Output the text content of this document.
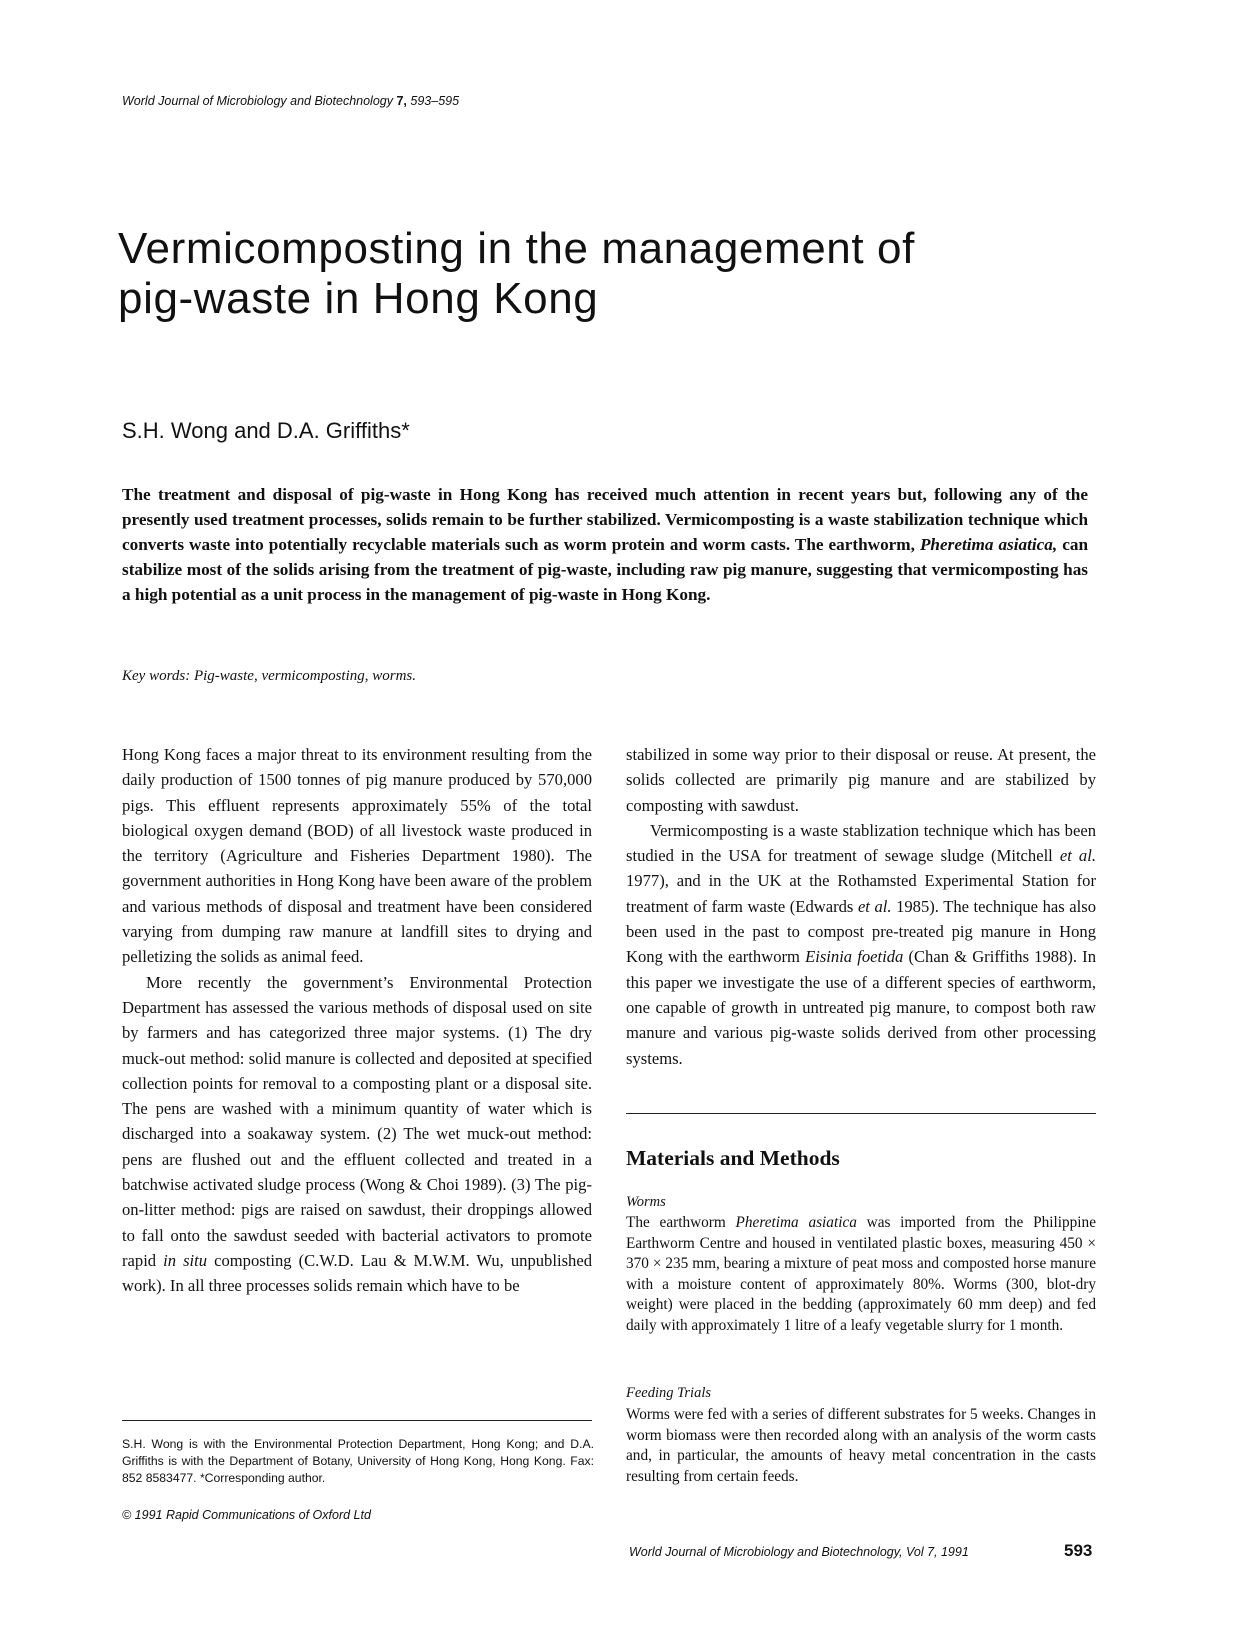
World Journal of Microbiology and Biotechnology 7, 593–595
Vermicomposting in the management of
pig-waste in Hong Kong
S.H. Wong and D.A. Griffiths*

The treatment and disposal of pig-waste in Hong Kong has received much attention in recent years but, following any of the presently used treatment processes, solids remain to be further stabilized. Vermicomposting is a waste stabilization technique which converts waste into potentially recyclable materials such as worm protein and worm casts. The earthworm, Pheretima asiatica, can stabilize most of the solids arising from the treatment of pig-waste, including raw pig manure, suggesting that vermicomposting has a high potential as a unit process in the management of pig-waste in Hong Kong.

Key words: Pig-waste, vermicomposting, worms.

Hong Kong faces a major threat to its environment resulting from the daily production of 1500 tonnes of pig manure produced by 570,000 pigs. This effluent represents approximately 55% of the total biological oxygen demand (BOD) of all livestock waste produced in the territory (Agriculture and Fisheries Department 1980). The government authorities in Hong Kong have been aware of the problem and various methods of disposal and treatment have been considered varying from dumping raw manure at landfill sites to drying and pelletizing the solids as animal feed.

More recently the government’s Environmental Protection Department has assessed the various methods of disposal used on site by farmers and has categorized three major systems. (1) The dry muck-out method: solid manure is collected and deposited at specified collection points for removal to a composting plant or a disposal site. The pens are washed with a minimum quantity of water which is discharged into a soakaway system. (2) The wet muck-out method: pens are flushed out and the effluent collected and treated in a batchwise activated sludge process (Wong & Choi 1989). (3) The pig-on-litter method: pigs are raised on sawdust, their droppings allowed to fall onto the sawdust seeded with bacterial activators to promote rapid in situ composting (C.W.D. Lau & M.W.M. Wu, unpublished work). In all three processes solids remain which have to be

stabilized in some way prior to their disposal or reuse. At present, the solids collected are primarily pig manure and are stabilized by composting with sawdust.

Vermicomposting is a waste stablization technique which has been studied in the USA for treatment of sewage sludge (Mitchell et al. 1977), and in the UK at the Rothamsted Experimental Station for treatment of farm waste (Edwards et al. 1985). The technique has also been used in the past to compost pre-treated pig manure in Hong Kong with the earthworm Eisinia foetida (Chan & Griffiths 1988). In this paper we investigate the use of a different species of earthworm, one capable of growth in untreated pig manure, to compost both raw manure and various pig-waste solids derived from other processing systems.

Materials and Methods
Worms

The earthworm Pheretima asiatica was imported from the Philippine Earthworm Centre and housed in ventilated plastic boxes, measuring 450 × 370 × 235 mm, bearing a mixture of peat moss and composted horse manure with a moisture content of approximately 80%. Worms (300, blot-dry weight) were placed in the bedding (approximately 60 mm deep) and fed daily with approximately 1 litre of a leafy vegetable slurry for 1 month.

Feeding Trials

Worms were fed with a series of different substrates for 5 weeks. Changes in worm biomass were then recorded along with an analysis of the worm casts and, in particular, the amounts of heavy metal concentration in the casts resulting from certain feeds.

S.H. Wong is with the Environmental Protection Department, Hong Kong; and D.A. Griffiths is with the Department of Botany, University of Hong Kong, Hong Kong. Fax: 852 8583477. *Corresponding author.

© 1991 Rapid Communications of Oxford Ltd
World Journal of Microbiology and Biotechnology, Vol 7, 1991	593
